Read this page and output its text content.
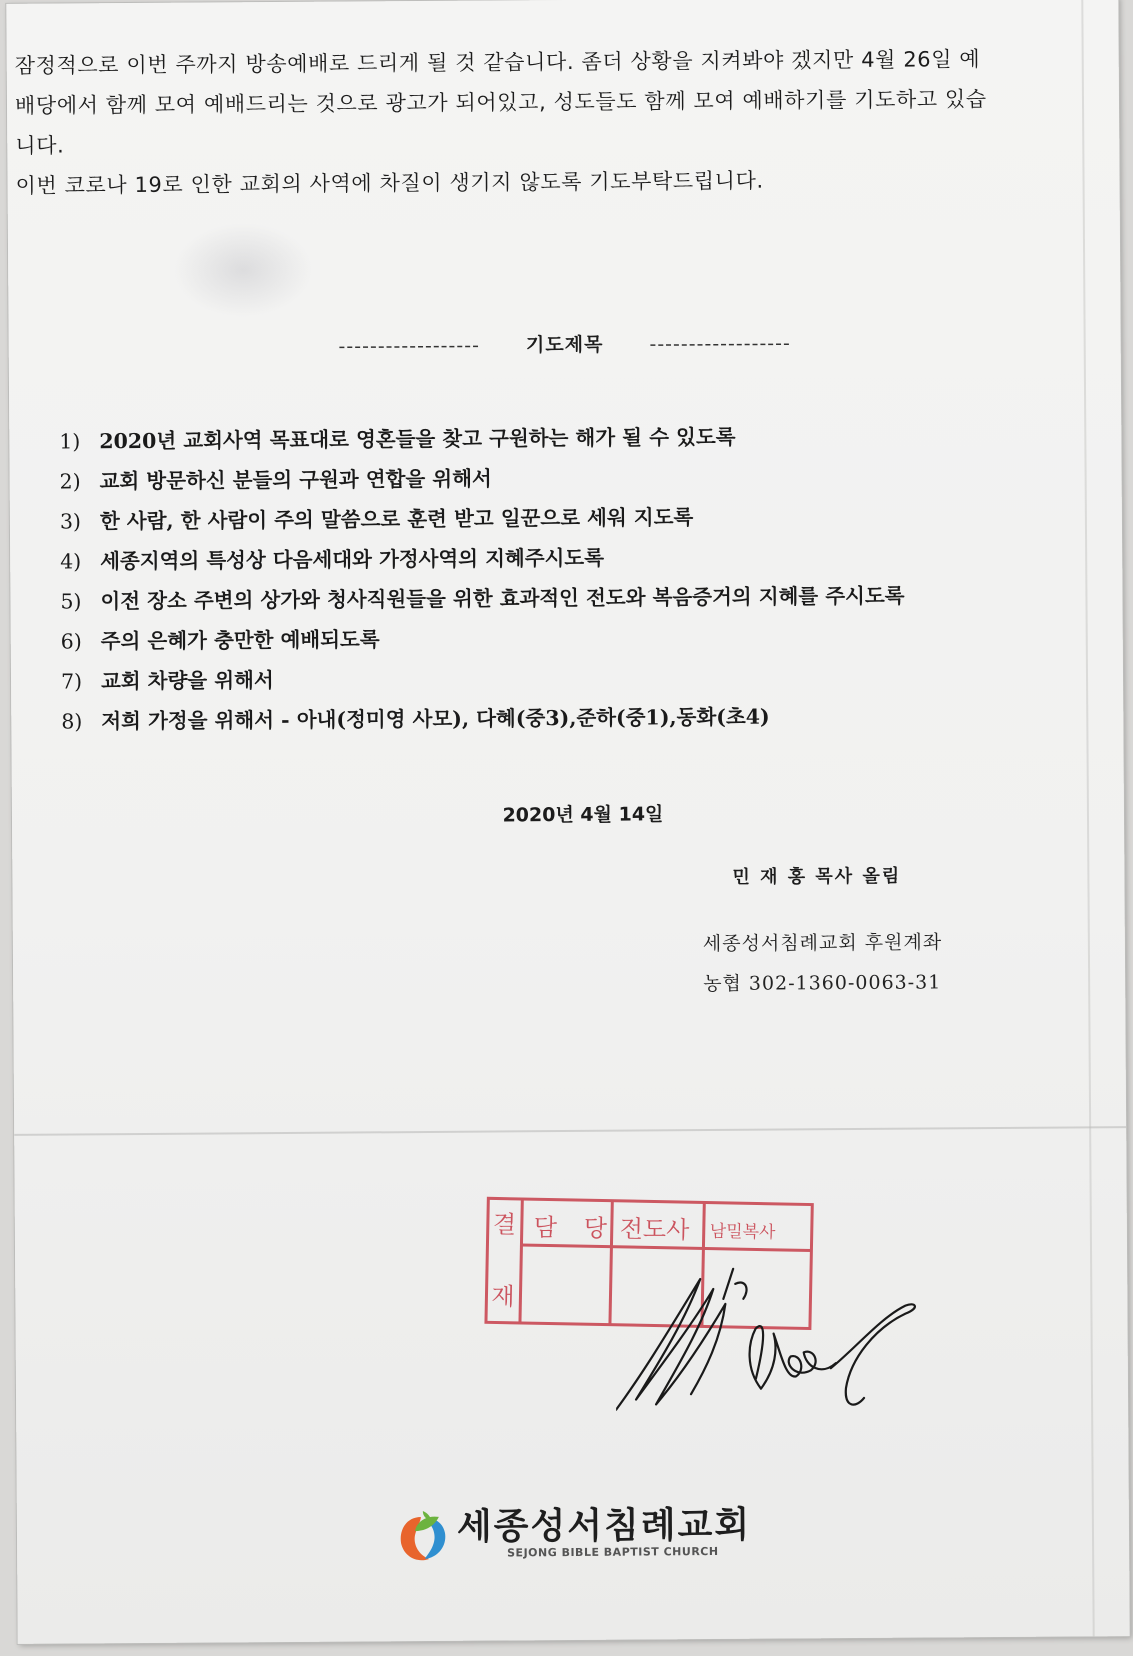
잠정적으로 이번 주까지 방송예배로 드리게 될 것 같습니다. 좀더 상황을 지켜봐야 겠지만 4월 26일 예

배당에서 함께 모여 예배드리는 것으로 광고가 되어있고, 성도들도 함께 모여 예배하기를 기도하고 있습

니다.

이번 코로나 19로 인한 교회의 사역에 차질이 생기지 않도록 기도부탁드립니다.

------------------ 기도제목 ------------------
1) 2020년 교회사역 목표대로 영혼들을 찾고 구원하는 해가 될 수 있도록
2) 교회 방문하신 분들의 구원과 연합을 위해서
3) 한 사람, 한 사람이 주의 말씀으로 훈련 받고 일꾼으로 세워 지도록
4) 세종지역의 특성상 다음세대와 가정사역의 지혜주시도록
5) 이전 장소 주변의 상가와 청사직원들을 위한 효과적인 전도와 복음증거의 지혜를 주시도록
6) 주의 은혜가 충만한 예배되도록
7) 교회 차량을 위해서
8) 저희 가정을 위해서 - 아내(정미영 사모), 다혜(중3),준하(중1),동화(초4)
2020년 4월 14일
민 재 홍 목사 올림
세종성서침례교회 후원계좌
농협 302-1360-0063-31
결
재
담 당 전도사 남밀복사
세종성서침례교회
SEJONG BIBLE BAPTIST CHURCH
